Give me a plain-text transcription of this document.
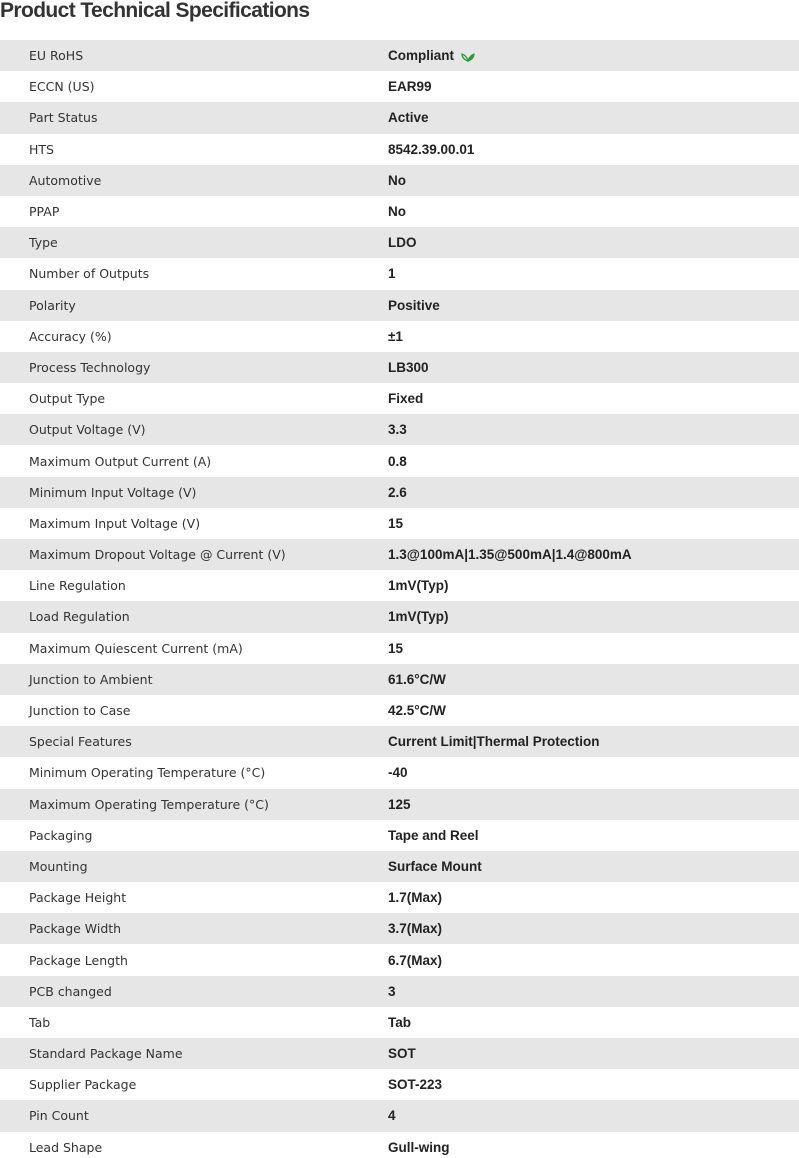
Product Technical Specifications
EU RoHS	Compliant
ECCN (US)	EAR99
Part Status	Active
HTS	8542.39.00.01
Automotive	No
PPAP	No
Type	LDO
Number of Outputs	1
Polarity	Positive
Accuracy (%)	±1
Process Technology	LB300
Output Type	Fixed
Output Voltage (V)	3.3
Maximum Output Current (A)	0.8
Minimum Input Voltage (V)	2.6
Maximum Input Voltage (V)	15
Maximum Dropout Voltage @ Current (V)	1.3@100mA|1.35@500mA|1.4@800mA
Line Regulation	1mV(Typ)
Load Regulation	1mV(Typ)
Maximum Quiescent Current (mA)	15
Junction to Ambient	61.6°C/W
Junction to Case	42.5°C/W
Special Features	Current Limit|Thermal Protection
Minimum Operating Temperature (°C)	-40
Maximum Operating Temperature (°C)	125
Packaging	Tape and Reel
Mounting	Surface Mount
Package Height	1.7(Max)
Package Width	3.7(Max)
Package Length	6.7(Max)
PCB changed	3
Tab	Tab
Standard Package Name	SOT
Supplier Package	SOT-223
Pin Count	4
Lead Shape	Gull-wing
